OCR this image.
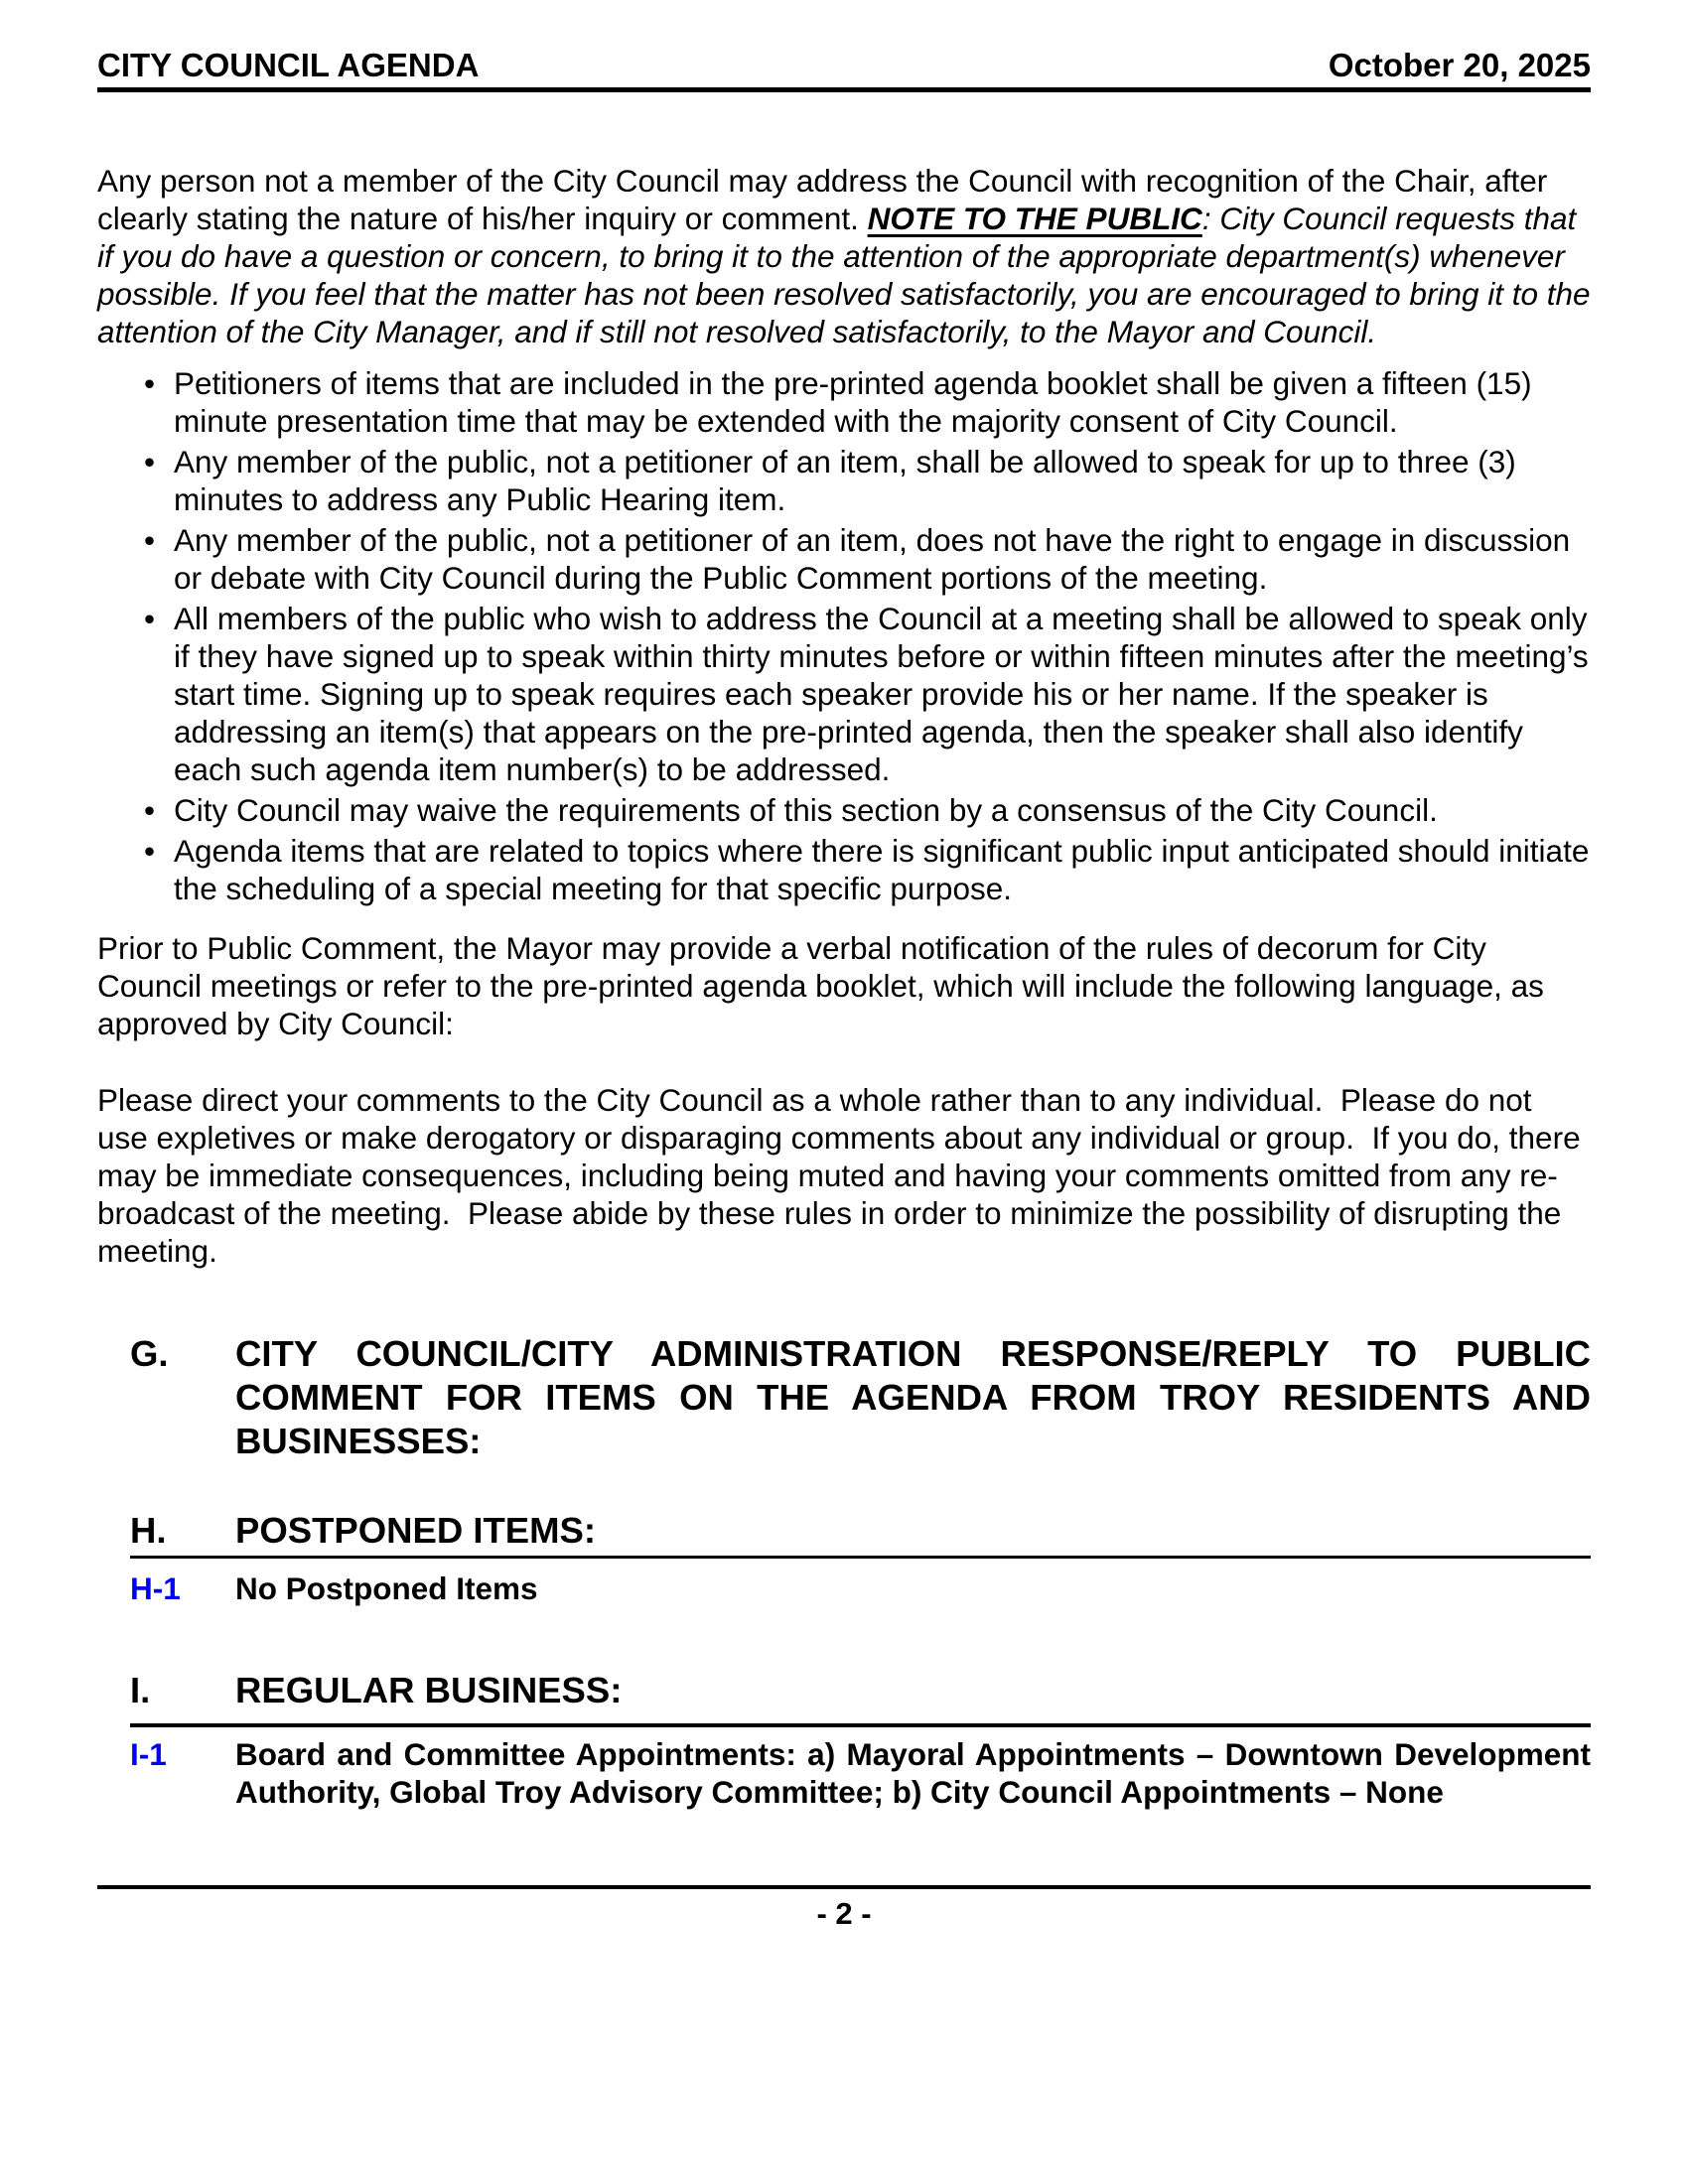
CITY COUNCIL AGENDA	October 20, 2025

Any person not a member of the City Council may address the Council with recognition of the Chair, after clearly stating the nature of his/her inquiry or comment. NOTE TO THE PUBLIC: City Council requests that if you do have a question or concern, to bring it to the attention of the appropriate department(s) whenever possible. If you feel that the matter has not been resolved satisfactorily, you are encouraged to bring it to the attention of the City Manager, and if still not resolved satisfactorily, to the Mayor and Council.

•
Petitioners of items that are included in the pre-printed agenda booklet shall be given a fifteen (15) minute presentation time that may be extended with the majority consent of City Council.
•
Any member of the public, not a petitioner of an item, shall be allowed to speak for up to three (3) minutes to address any Public Hearing item.
•
Any member of the public, not a petitioner of an item, does not have the right to engage in discussion or debate with City Council during the Public Comment portions of the meeting.
•
All members of the public who wish to address the Council at a meeting shall be allowed to speak only if they have signed up to speak within thirty minutes before or within fifteen minutes after the meeting’s start time. Signing up to speak requires each speaker provide his or her name. If the speaker is addressing an item(s) that appears on the pre-printed agenda, then the speaker shall also identify each such agenda item number(s) to be addressed.
•
City Council may waive the requirements of this section by a consensus of the City Council.
•
Agenda items that are related to topics where there is significant public input anticipated should initiate the scheduling of a special meeting for that specific purpose.

Prior to Public Comment, the Mayor may provide a verbal notification of the rules of decorum for City Council meetings or refer to the pre-printed agenda booklet, which will include the following language, as approved by City Council:

Please direct your comments to the City Council as a whole rather than to any individual.  Please do not use expletives or make derogatory or disparaging comments about any individual or group.  If you do, there may be immediate consequences, including being muted and having your comments omitted from any re-broadcast of the meeting.  Please abide by these rules in order to minimize the possibility of disrupting the meeting.

G. CITY COUNCIL/CITY ADMINISTRATION RESPONSE/REPLY TO PUBLIC COMMENT FOR ITEMS ON THE AGENDA FROM TROY RESIDENTS AND BUSINESSES:
H. POSTPONED ITEMS:
H-1 No Postponed Items
I. REGULAR BUSINESS:
I-1 Board and Committee Appointments: a) Mayoral Appointments – Downtown Development Authority, Global Troy Advisory Committee; b) City Council Appointments – None
- 2 -
